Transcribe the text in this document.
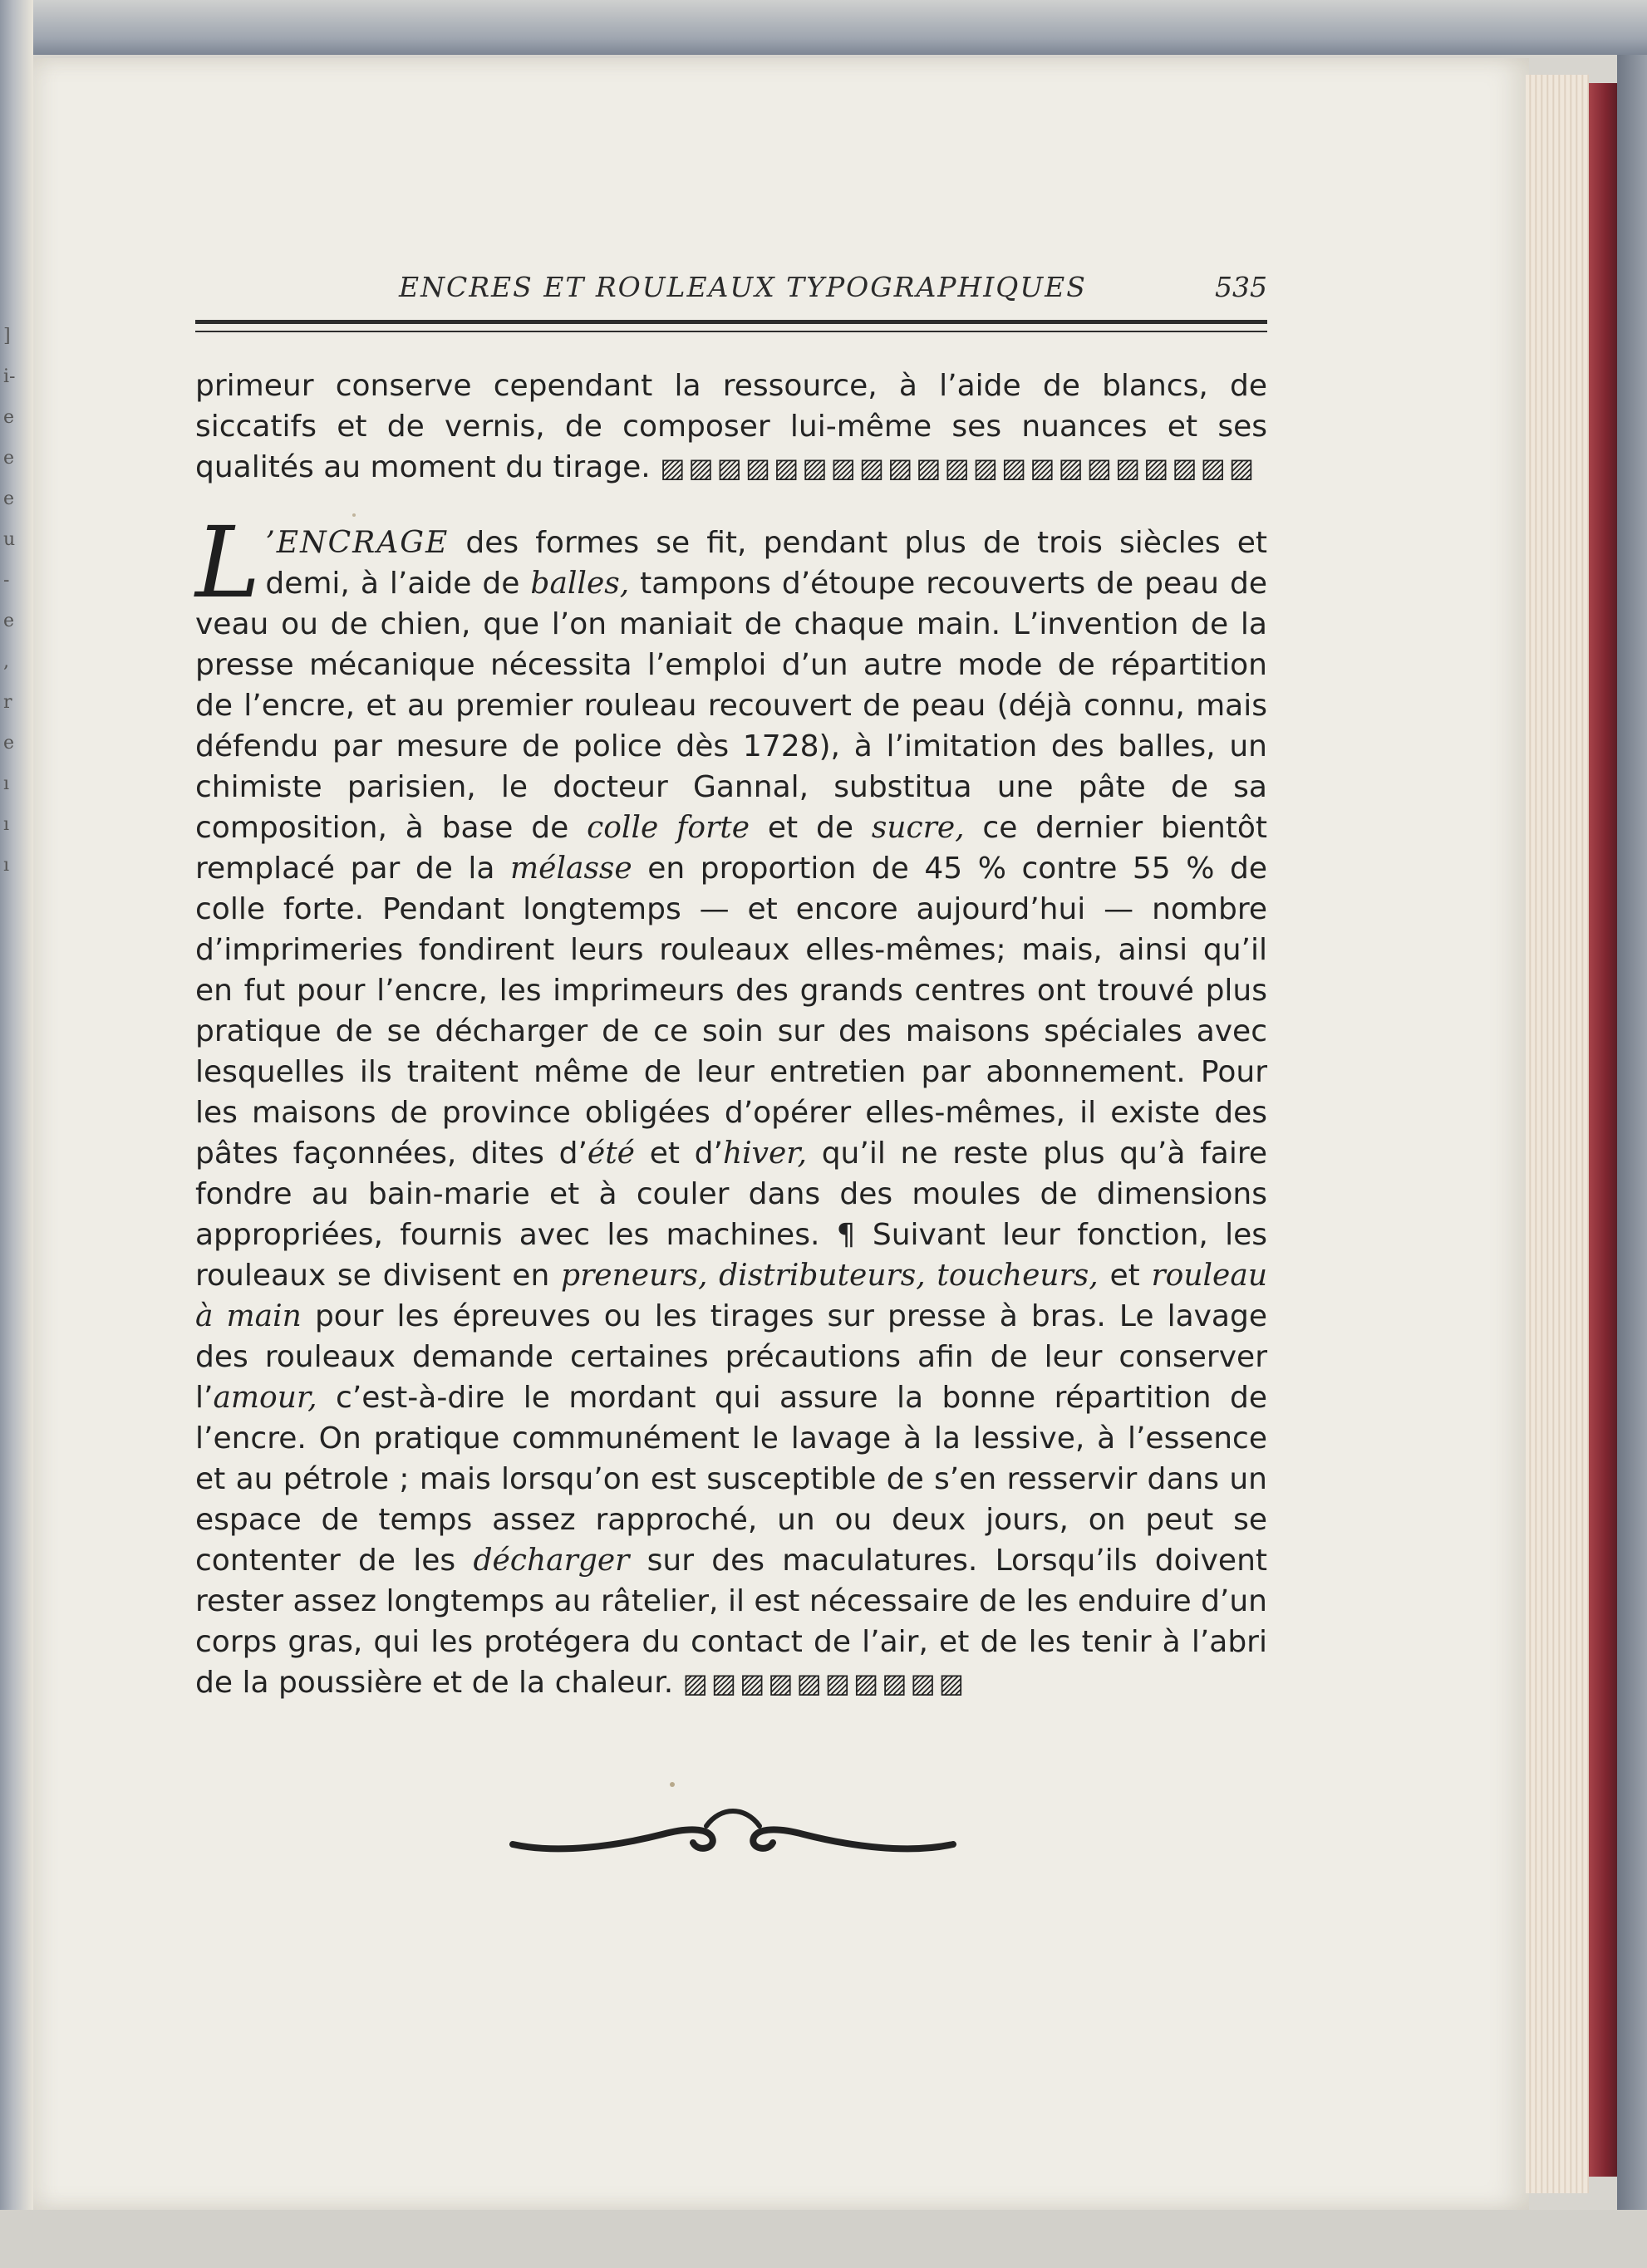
]
i-
e
e
e
u
-
e
,
r
e
ı
ı
ı
ENCRES ET ROULEAUX TYPOGRAPHIQUES	535

primeur conserve cependant la ressource, à l’aide de blancs, de siccatifs et de vernis, de composer lui-même ses nuances et ses qualités au moment du tirage. ▨▨▨▨▨▨▨▨▨▨▨▨▨▨▨▨▨▨▨▨▨

L ’ENCRAGE des formes se fit, pendant plus de trois siècles et demi, à l’aide de balles, tampons d’étoupe recouverts de peau de veau ou de chien, que l’on maniait de chaque main. L’invention de la presse mécanique nécessita l’emploi d’un autre mode de répartition de l’encre, et au premier rouleau recouvert de peau (déjà connu, mais défendu par mesure de police dès 1728), à l’imitation des balles, un chimiste parisien, le docteur Gannal, substitua une pâte de sa composition, à base de colle forte et de sucre, ce dernier bientôt remplacé par de la mélasse en proportion de 45 % contre 55 % de colle forte. Pendant longtemps — et encore aujourd’hui — nombre d’imprimeries fondirent leurs rouleaux elles-mêmes; mais, ainsi qu’il en fut pour l’encre, les imprimeurs des grands centres ont trouvé plus pratique de se décharger de ce soin sur des maisons spéciales avec lesquelles ils traitent même de leur entretien par abonnement. Pour les maisons de province obligées d’opérer elles-mêmes, il existe des pâtes façonnées, dites d’été et d’hiver, qu’il ne reste plus qu’à faire fondre au bain-marie et à couler dans des moules de dimensions appropriées, fournis avec les machines. ¶ Suivant leur fonction, les rouleaux se divisent en preneurs, distributeurs, toucheurs, et rouleau à main pour les épreuves ou les tirages sur presse à bras. Le lavage des rouleaux demande certaines précautions afin de leur conserver l’amour, c’est-à-dire le mordant qui assure la bonne répartition de l’encre. On pratique communément le lavage à la lessive, à l’essence et au pétrole ; mais lorsqu’on est susceptible de s’en resservir dans un espace de temps assez rapproché, un ou deux jours, on peut se contenter de les décharger sur des maculatures. Lorsqu’ils doivent rester assez longtemps au râtelier, il est nécessaire de les enduire d’un corps gras, qui les protégera du contact de l’air, et de les tenir à l’abri de la poussière et de la chaleur. ▨▨▨▨▨▨▨▨▨▨
